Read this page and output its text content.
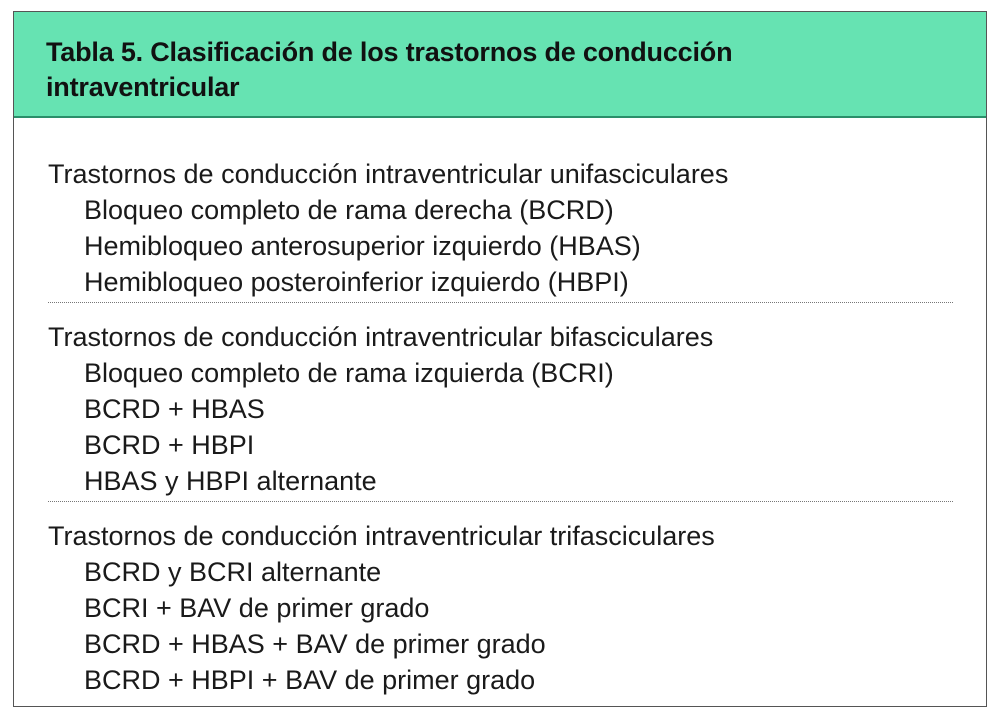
Tabla 5. Clasificación de los trastornos de conducción
intraventricular
Trastornos de conducción intraventricular unifasciculares
Bloqueo completo de rama derecha (BCRD)
Hemibloqueo anterosuperior izquierdo (HBAS)
Hemibloqueo posteroinferior izquierdo (HBPI)
Trastornos de conducción intraventricular bifasciculares
Bloqueo completo de rama izquierda (BCRI)
BCRD + HBAS
BCRD + HBPI
HBAS y HBPI alternante
Trastornos de conducción intraventricular trifasciculares
BCRD y BCRI alternante
BCRI + BAV de primer grado
BCRD + HBAS + BAV de primer grado
BCRD + HBPI + BAV de primer grado
